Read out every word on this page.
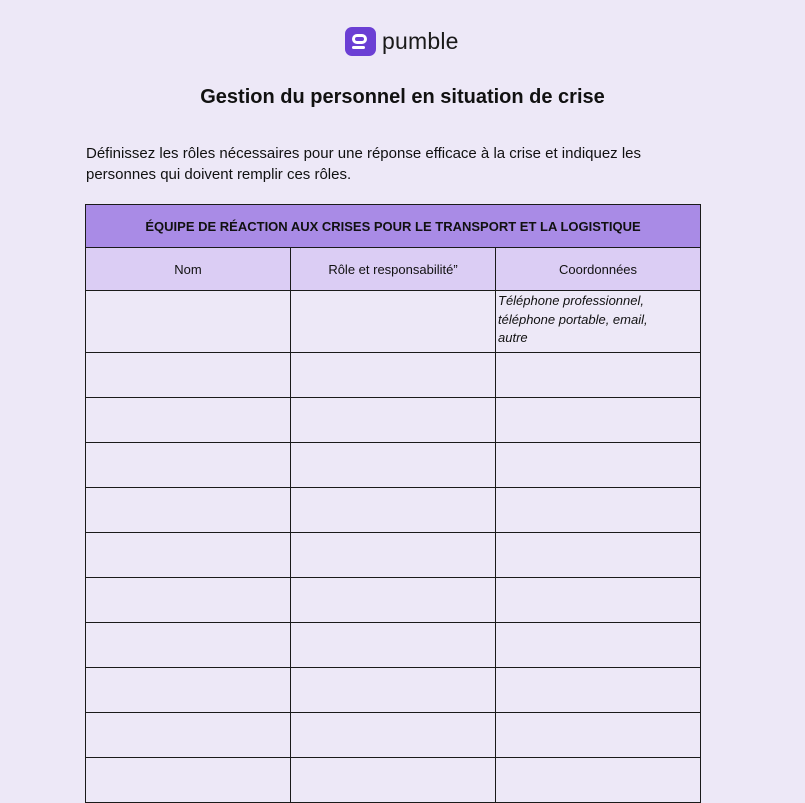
pumble
Gestion du personnel en situation de crise

Définissez les rôles nécessaires pour une réponse efficace à la crise et indiquez les personnes qui doivent remplir ces rôles.

ÉQUIPE DE RÉACTION AUX CRISES POUR LE TRANSPORT ET LA LOGISTIQUE		
Nom	Rôle et responsabilité”	Coordonnées

		Téléphone professionnel, téléphone portable, email, autre
